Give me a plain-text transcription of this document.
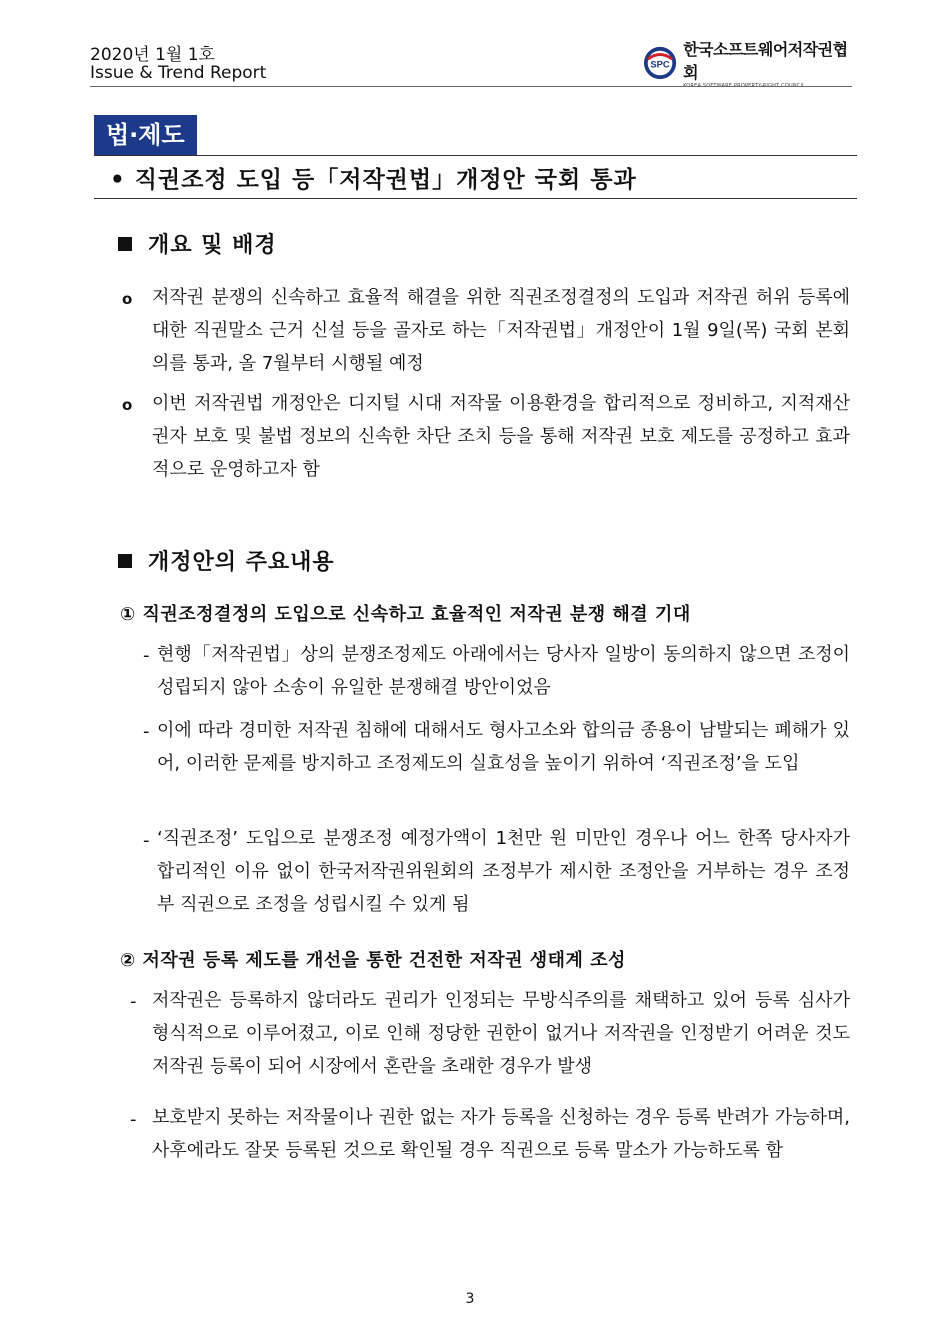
2020년 1월 1호
Issue & Trend Report	SPC
한국소프트웨어저작권협회
법·제도
• 직권조정 도입 등「저작권법」개정안 국회 통과
개요 및 배경
o 저작권 분쟁의 신속하고 효율적 해결을 위한 직권조정결정의 도입과 저작권 허위 등록에 대한 직권말소 근거 신설 등을 골자로 하는「저작권법」개정안이 1월 9일(목) 국회 본회의를 통과, 올 7월부터 시행될 예정
o 이번 저작권법 개정안은 디지털 시대 저작물 이용환경을 합리적으로 정비하고, 지적재산권자 보호 및 불법 정보의 신속한 차단 조치 등을 통해 저작권 보호 제도를 공정하고 효과적으로 운영하고자 함
개정안의 주요내용
① 직권조정결정의 도입으로 신속하고 효율적인 저작권 분쟁 해결 기대
- 현행「저작권법」상의 분쟁조정제도 아래에서는 당사자 일방이 동의하지 않으면 조정이 성립되지 않아 소송이 유일한 분쟁해결 방안이었음
- 이에 따라 경미한 저작권 침해에 대해서도 형사고소와 합의금 종용이 남발되는 폐해가 있어, 이러한 문제를 방지하고 조정제도의 실효성을 높이기 위하여 ‘직권조정’을 도입
- ‘직권조정’ 도입으로 분쟁조정 예정가액이 1천만 원 미만인 경우나 어느 한쪽 당사자가 합리적인 이유 없이 한국저작권위원회의 조정부가 제시한 조정안을 거부하는 경우 조정부 직권으로 조정을 성립시킬 수 있게 됨
② 저작권 등록 제도를 개선을 통한 건전한 저작권 생태계 조성
- 저작권은 등록하지 않더라도 권리가 인정되는 무방식주의를 채택하고 있어 등록 심사가 형식적으로 이루어졌고, 이로 인해 정당한 권한이 없거나 저작권을 인정받기 어려운 것도 저작권 등록이 되어 시장에서 혼란을 초래한 경우가 발생
- 보호받지 못하는 저작물이나 권한 없는 자가 등록을 신청하는 경우 등록 반려가 가능하며, 사후에라도 잘못 등록된 것으로 확인될 경우 직권으로 등록 말소가 가능하도록 함
3
